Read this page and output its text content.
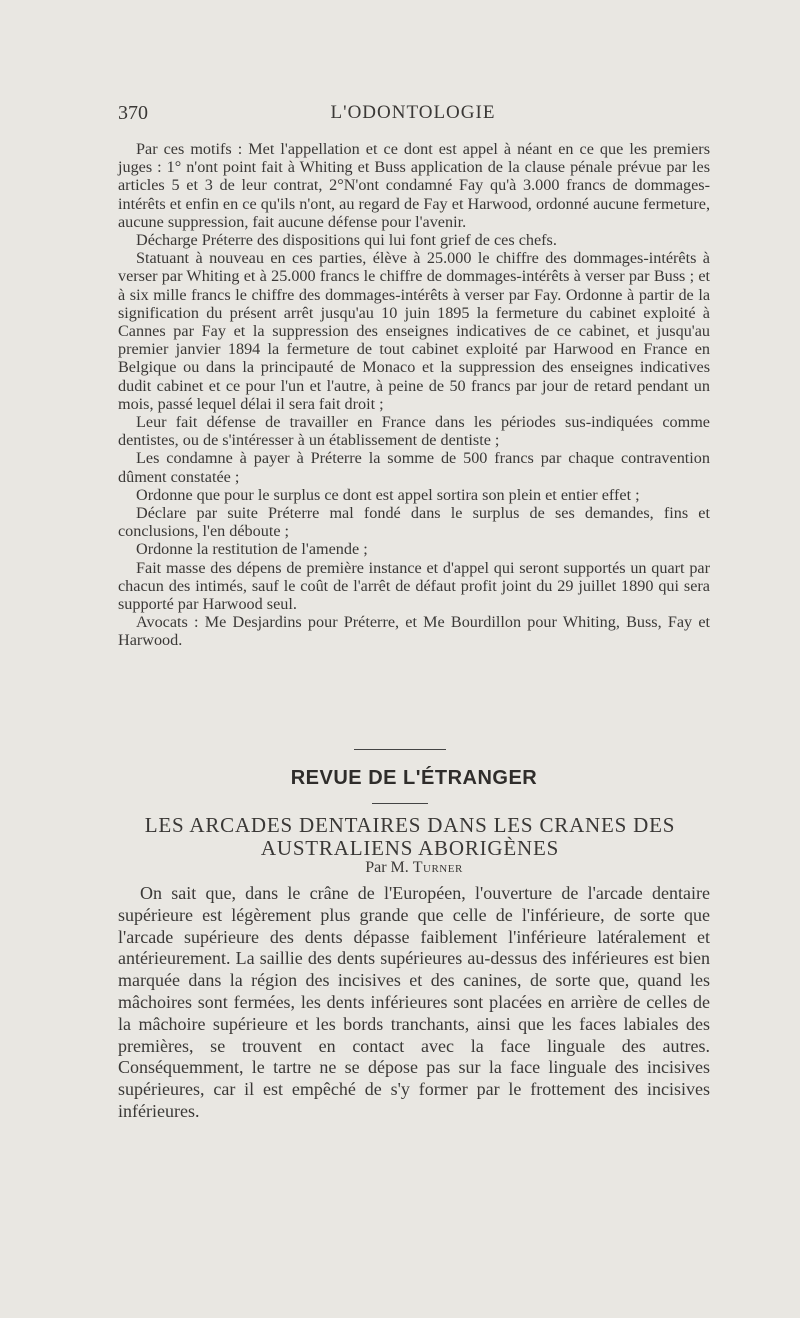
370	L'ODONTOLOGIE

Par ces motifs : Met l'appellation et ce dont est appel à néant en ce que les premiers juges : 1° n'ont point fait à Whiting et Buss application de la clause pénale prévue par les articles 5 et 3 de leur contrat, 2°N'ont condamné Fay qu'à 3.000 francs de dommages-intérêts et enfin en ce qu'ils n'ont, au regard de Fay et Harwood, ordonné aucune fermeture, aucune suppression, fait aucune défense pour l'avenir.

Décharge Préterre des dispositions qui lui font grief de ces chefs.

Statuant à nouveau en ces parties, élève à 25.000 le chiffre des dommages-intérêts à verser par Whiting et à 25.000 francs le chiffre de dommages-intérêts à verser par Buss ; et à six mille francs le chiffre des dommages-intérêts à verser par Fay. Ordonne à partir de la signification du présent arrêt jusqu'au 10 juin 1895 la fermeture du cabinet exploité à Cannes par Fay et la suppression des enseignes indicatives de ce cabinet, et jusqu'au premier janvier 1894 la fermeture de tout cabinet exploité par Harwood en France en Belgique ou dans la principauté de Monaco et la suppression des enseignes indicatives dudit cabinet et ce pour l'un et l'autre, à peine de 50 francs par jour de retard pendant un mois, passé lequel délai il sera fait droit ;

Leur fait défense de travailler en France dans les périodes sus-indiquées comme dentistes, ou de s'intéresser à un établissement de dentiste ;

Les condamne à payer à Préterre la somme de 500 francs par chaque contravention dûment constatée ;

Ordonne que pour le surplus ce dont est appel sortira son plein et entier effet ;

Déclare par suite Préterre mal fondé dans le surplus de ses demandes, fins et conclusions, l'en déboute ;

Ordonne la restitution de l'amende ;

Fait masse des dépens de première instance et d'appel qui seront supportés un quart par chacun des intimés, sauf le coût de l'arrêt de défaut profit joint du 29 juillet 1890 qui sera supporté par Harwood seul.

Avocats : Me Desjardins pour Préterre, et Me Bourdillon pour Whiting, Buss, Fay et Harwood.

REVUE DE L'ÉTRANGER
LES ARCADES DENTAIRES DANS LES CRANES DES
AUSTRALIENS ABORIGÈNES
Par M. Turner

On sait que, dans le crâne de l'Européen, l'ouverture de l'arcade dentaire supérieure est légèrement plus grande que celle de l'inférieure, de sorte que l'arcade supérieure des dents dépasse faiblement l'inférieure latéralement et antérieurement. La saillie des dents supérieures au-dessus des inférieures est bien marquée dans la région des incisives et des canines, de sorte que, quand les mâchoires sont fermées, les dents inférieures sont placées en arrière de celles de la mâchoire supérieure et les bords tranchants, ainsi que les faces labiales des premières, se trouvent en contact avec la face linguale des autres. Conséquemment, le tartre ne se dépose pas sur la face linguale des incisives supérieures, car il est empêché de s'y former par le frottement des incisives inférieures.
